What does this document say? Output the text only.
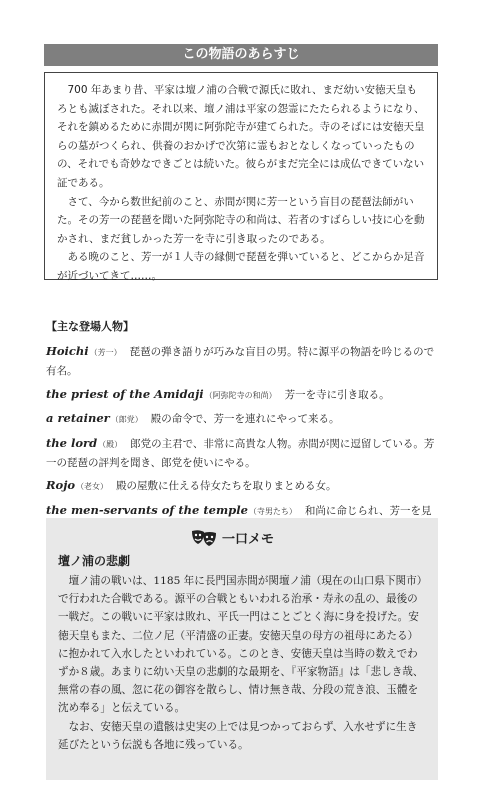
この物語のあらすじ

700 年あまり昔、平家は壇ノ浦の合戦で源氏に敗れ、まだ幼い安徳天皇もろとも滅ぼされた。それ以来、壇ノ浦は平家の怨霊にたたられるようになり、それを鎮めるために赤間が関に阿弥陀寺が建てられた。寺のそばには安徳天皇らの墓がつくられ、供養のおかげで次第に霊もおとなしくなっていったものの、それでも奇妙なできごとは続いた。彼らがまだ完全には成仏できていない証である。

さて、今から数世紀前のこと、赤間が関に芳一という盲目の琵琶法師がいた。その芳一の琵琶を聞いた阿弥陀寺の和尚は、若者のすばらしい技に心を動かされ、まだ貧しかった芳一を寺に引き取ったのである。

ある晩のこと、芳一が１人寺の縁側で琵琶を弾いていると、どこからか足音が近づいてきて……。

【主な登場人物】
Hoichi（芳一） 琵琶の弾き語りが巧みな盲目の男。特に源平の物語を吟じるので有名。
the priest of the Amidaji（阿弥陀寺の和尚） 芳一を寺に引き取る。
a retainer（郎党） 殿の命令で、芳一を連れにやって来る。
the lord（殿） 郎党の主君で、非常に高貴な人物。赤間が関に逗留している。芳一の琵琶の評判を聞き、郎党を使いにやる。
Rojo（老女） 殿の屋敷に仕える侍女たちを取りまとめる女。
the men-servants of the temple（寺男たち） 和尚に命じられ、芳一を見
一口メモ
壇ノ浦の悲劇

壇ノ浦の戦いは、1185 年に長門国赤間が関壇ノ浦（現在の山口県下関市）で行われた合戦である。源平の合戦ともいわれる治承・寿永の乱の、最後の一戦だ。この戦いに平家は敗れ、平氏一門はことごとく海に身を投げた。安徳天皇もまた、二位ノ尼（平清盛の正妻。安徳天皇の母方の祖母にあたる）に抱かれて入水したといわれている。このとき、安徳天皇は当時の数えでわずか８歳。あまりに幼い天皇の悲劇的な最期を、『平家物語』は「悲しき哉、無常の春の風、忽に花の御容を散らし、情け無き哉、分段の荒き浪、玉體を沈め奉る」と伝えている。

なお、安徳天皇の遺骸は史実の上では見つかっておらず、入水せずに生き延びたという伝説も各地に残っている。
